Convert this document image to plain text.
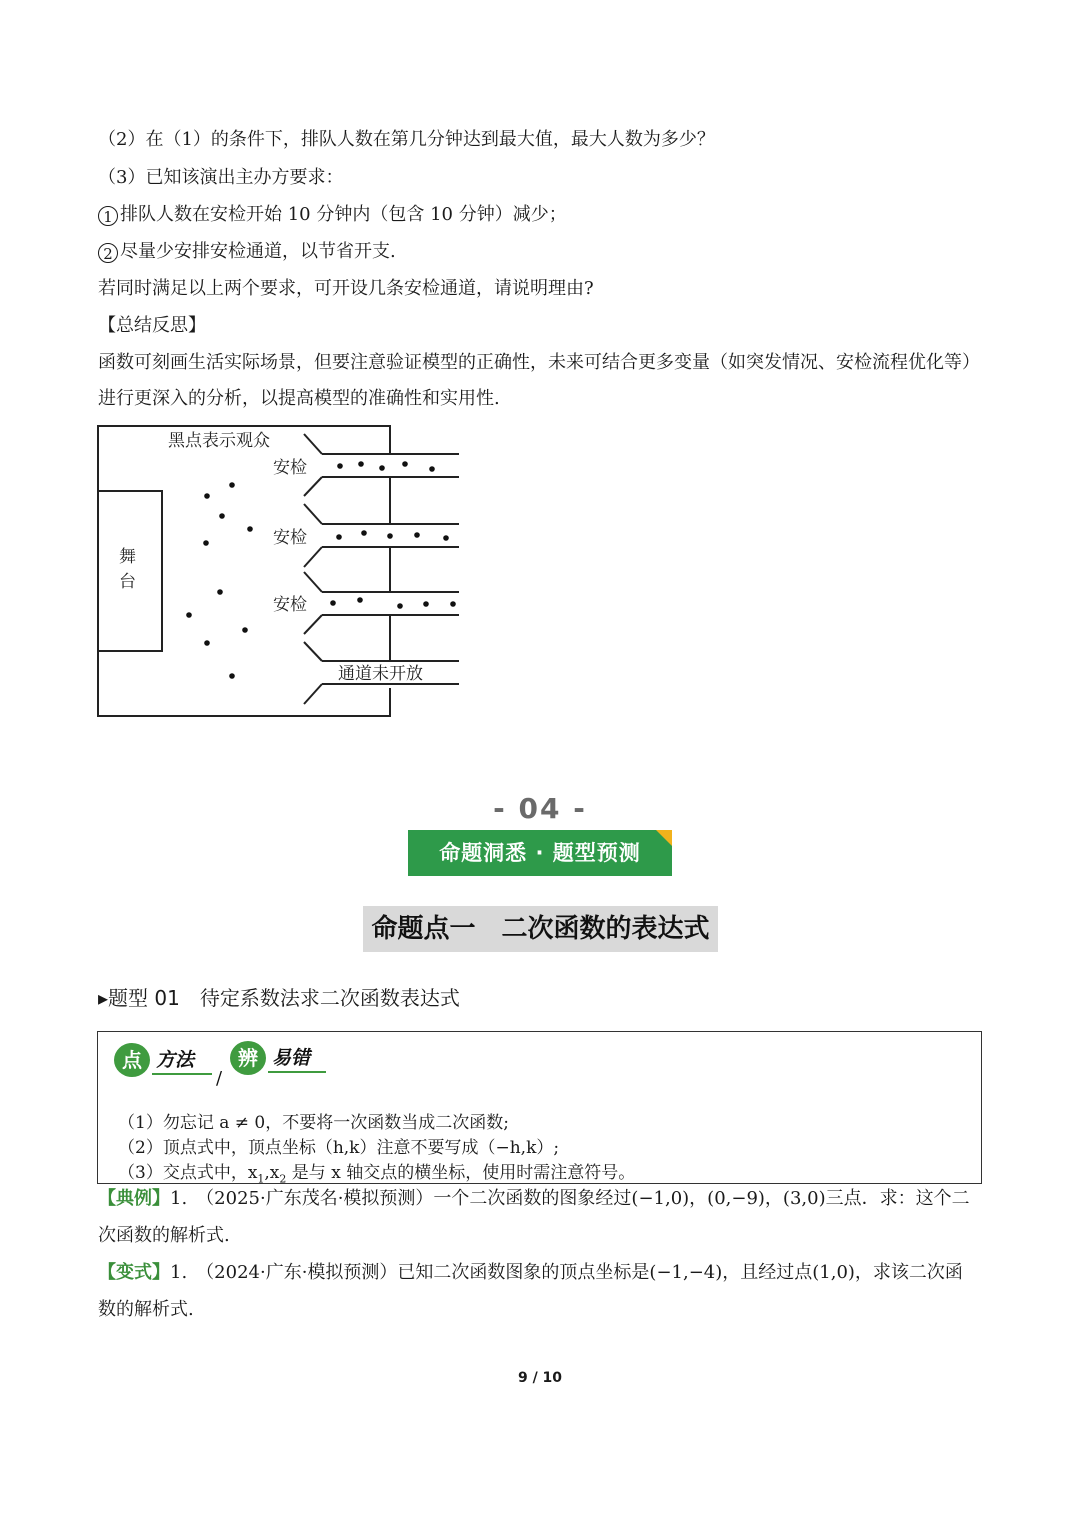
（2）在（1）的条件下，排队人数在第几分钟达到最大值，最大人数为多少？
（3）已知该演出主办方要求：
1 排队人数在安检开始 10 分钟内（包含 10 分钟）减少；
2 尽量少安排安检通道，以节省开支.
若同时满足以上两个要求，可开设几条安检通道，请说明理由?
【总结反思】
函数可刻画生活实际场景，但要注意验证模型的正确性，未来可结合更多变量（如突发情况、安检流程优化等）进行更深入的分析，以提高模型的准确性和实用性.
黑点表示观众
舞
台
安检
安检
安检
通道未开放
- 04 -
命题洞悉 · 题型预测
命题点一　二次函数的表达式
▸题型 01　待定系数法求二次函数表达式
点 方法
/
辨 易错
（1）勿忘记 a ≠ 0，不要将一次函数当成二次函数;
（2）顶点式中，顶点坐标（h,k）注意不要写成（−h,k）;
（3）交点式中，$x_1,x_2$ 是与 x 轴交点的横坐标，使用时需注意符号。
【典例】1.　（2025·广东茂名·模拟预测）一个二次函数的图象经过(−1,0)，(0,−9)，(3,0)三点．求：这个二次函数的解析式.
【变式】1.　（2024·广东·模拟预测）已知二次函数图象的顶点坐标是(−1,−4)，且经过点(1,0)，求该二次函数的解析式.
9 / 10
